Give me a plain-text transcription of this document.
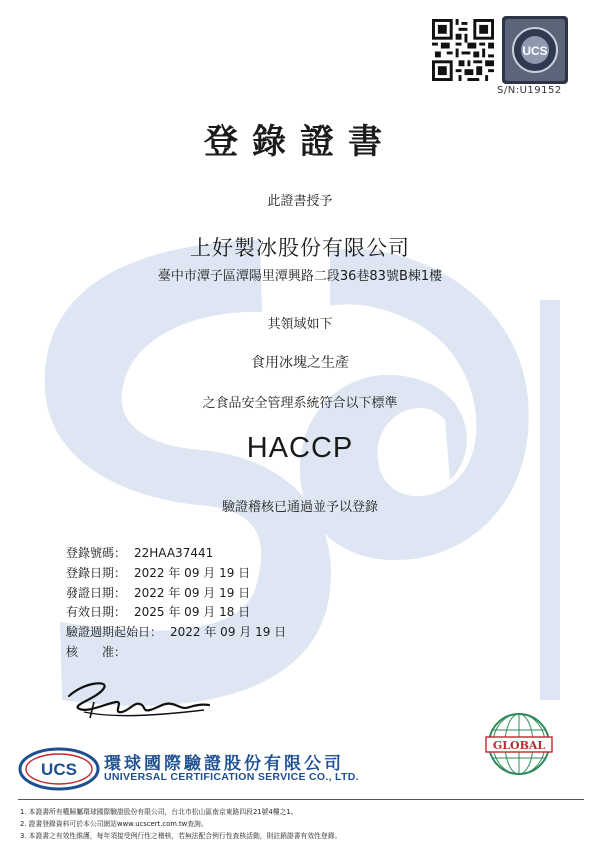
UCS
S/N:U19152
登錄證書
此證書授予
上好製冰股份有限公司
臺中市潭子區潭陽里潭興路二段36巷83號B棟1樓
其領域如下
食用冰塊之生產
之食品安全管理系統符合以下標準
HACCP
驗證稽核已通過並予以登錄
登錄號碼： 22HAA37441
登錄日期： 2022 年 09 月 19 日
發證日期： 2022 年 09 月 19 日
有效日期： 2025 年 09 月 18 日
驗證週期起始日： 2022 年 09 月 19 日
核　　准：
GLOBAL
UCS 環球國際驗證股份有限公司
UNIVERSAL CERTIFICATION SERVICE CO., LTD.
1. 本證書所有權歸屬環球國際驗證股份有限公司，台北市松山區南京東路四段21號4樓之1。
2. 證書登錄資料可於本公司網站www.ucscert.com.tw查詢。
3. 本證書之有效性維護，每年須接受例行性之稽核，若無法配合例行性查核活動，則註銷證書有效性登錄。
